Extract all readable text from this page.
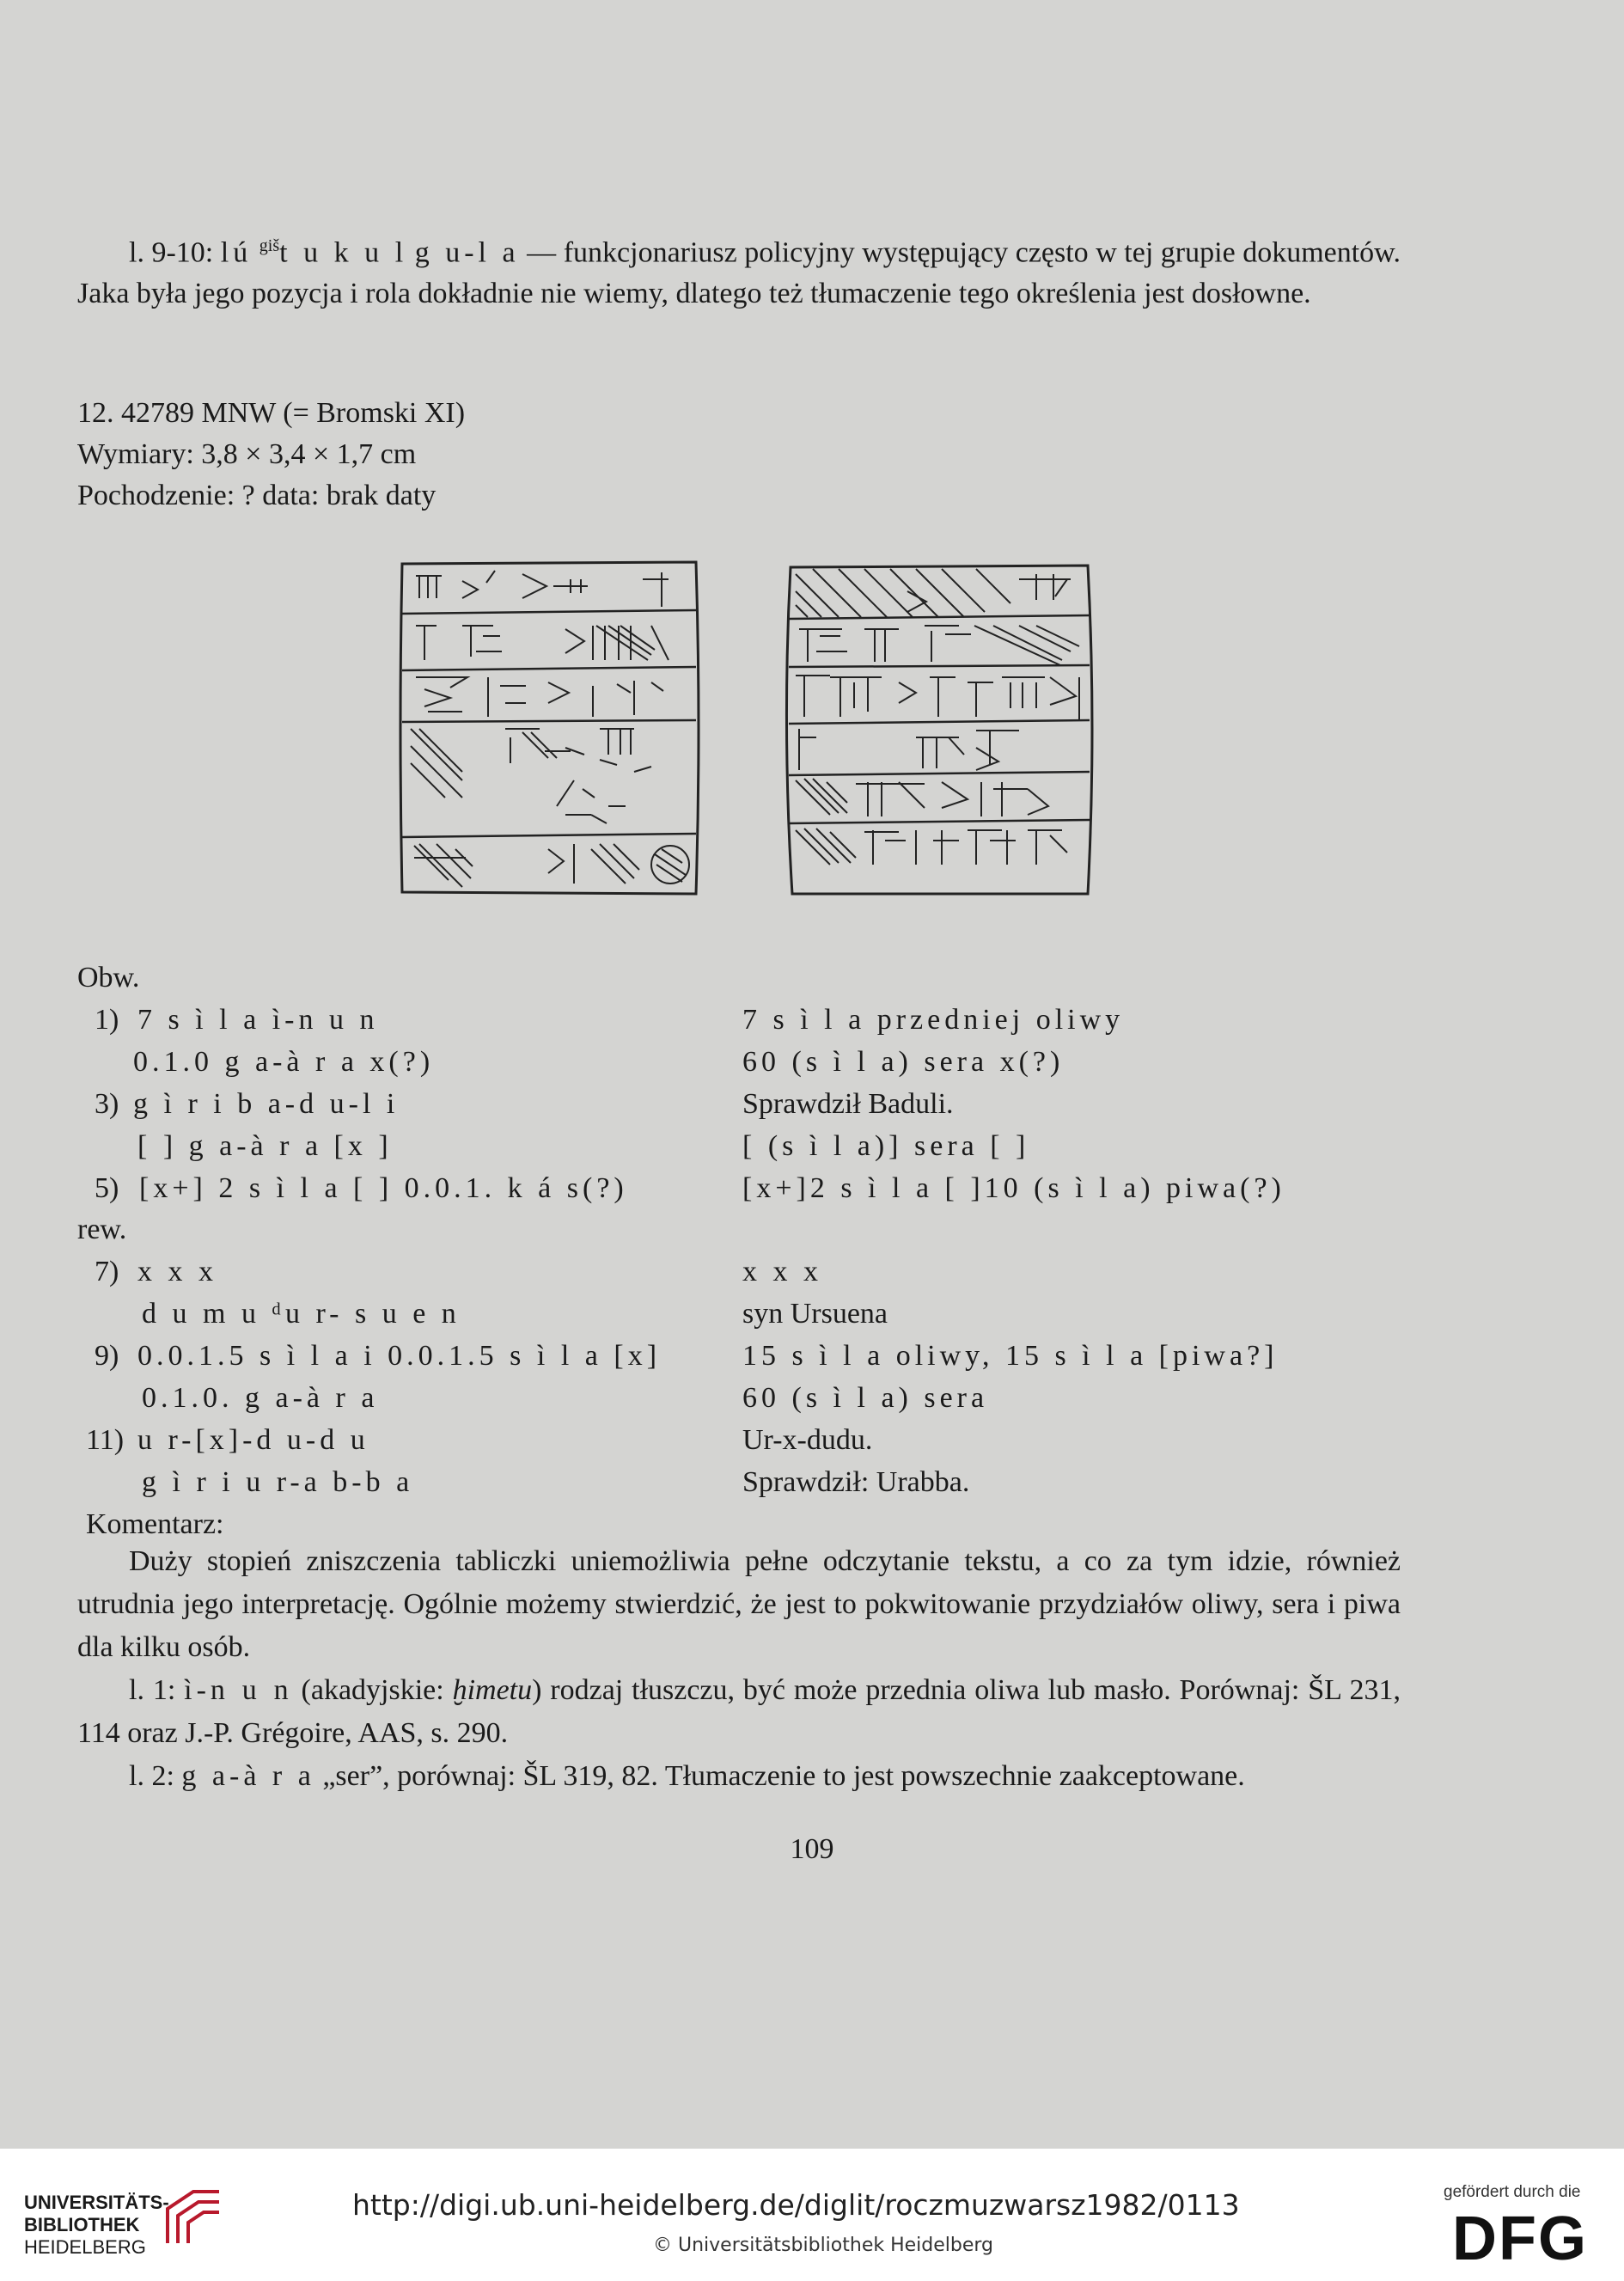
l. 9-10: lú $^{giš}$t u k u l g u-l a — funkcjonariusz policyjny występujący często w tej grupie dokumentów. Jaka była jego pozycja i rola dokładnie nie wiemy, dlatego też tłumaczenie tego określenia jest dosłowne.

12. 42789 MNW (= Bromski XI)
Wymiary: 3,8 × 3,4 × 1,7 cm
Pochodzenie: ? data: brak daty
Obw.
1) 7 s ì l a ì-n u n	7 s ì l a przedniej oliwy
0.1.0 g a-à r a x(?)	60 (s ì l a) sera x(?)
3) g ì r i b a-d u-l i	Sprawdził Baduli.
[ ] g a-à r a [x ]	[ (s ì l a)] sera [ ]
5) [x+] 2 s ì l a [ ] 0.0.1. k á s(?)	[x+]2 s ì l a [ ]10 (s ì l a) piwa(?)
rew.
7) x x x	x x x
d u m u ᵈu r- s u e n	syn Ursuena
9) 0.0.1.5 s ì l a i 0.0.1.5 s ì l a [x]	15 s ì l a oliwy, 15 s ì l a [piwa?]
0.1.0. g a-à r a	60 (s ì l a) sera
11) u r-[x]-d u-d u	Ur-x-dudu.
g ì r i u r-a b-b a	Sprawdził: Urabba.
Komentarz:

Duży stopień zniszczenia tabliczki uniemożliwia pełne odczytanie tekstu, a co za tym idzie, również utrudnia jego interpretację. Ogólnie możemy stwierdzić, że jest to pokwitowanie przydziałów oliwy, sera i piwa dla kilku osób.

l. 1: ì-n u n (akadyjskie: ḫimetu) rodzaj tłuszczu, być może przednia oliwa lub masło. Porównaj: ŠL 231, 114 oraz J.-P. Grégoire, AAS, s. 290.

l. 2: g a-à r a „ser”, porównaj: ŠL 319, 82. Tłumaczenie to jest powszechnie zaakceptowane.

109
UNIVERSITÄTS-
BIBLIOTHEK
HEIDELBERG
http://digi.ub.uni-heidelberg.de/diglit/roczmuzwarsz1982/0113
© Universitätsbibliothek Heidelberg
gefördert durch die
DFG
